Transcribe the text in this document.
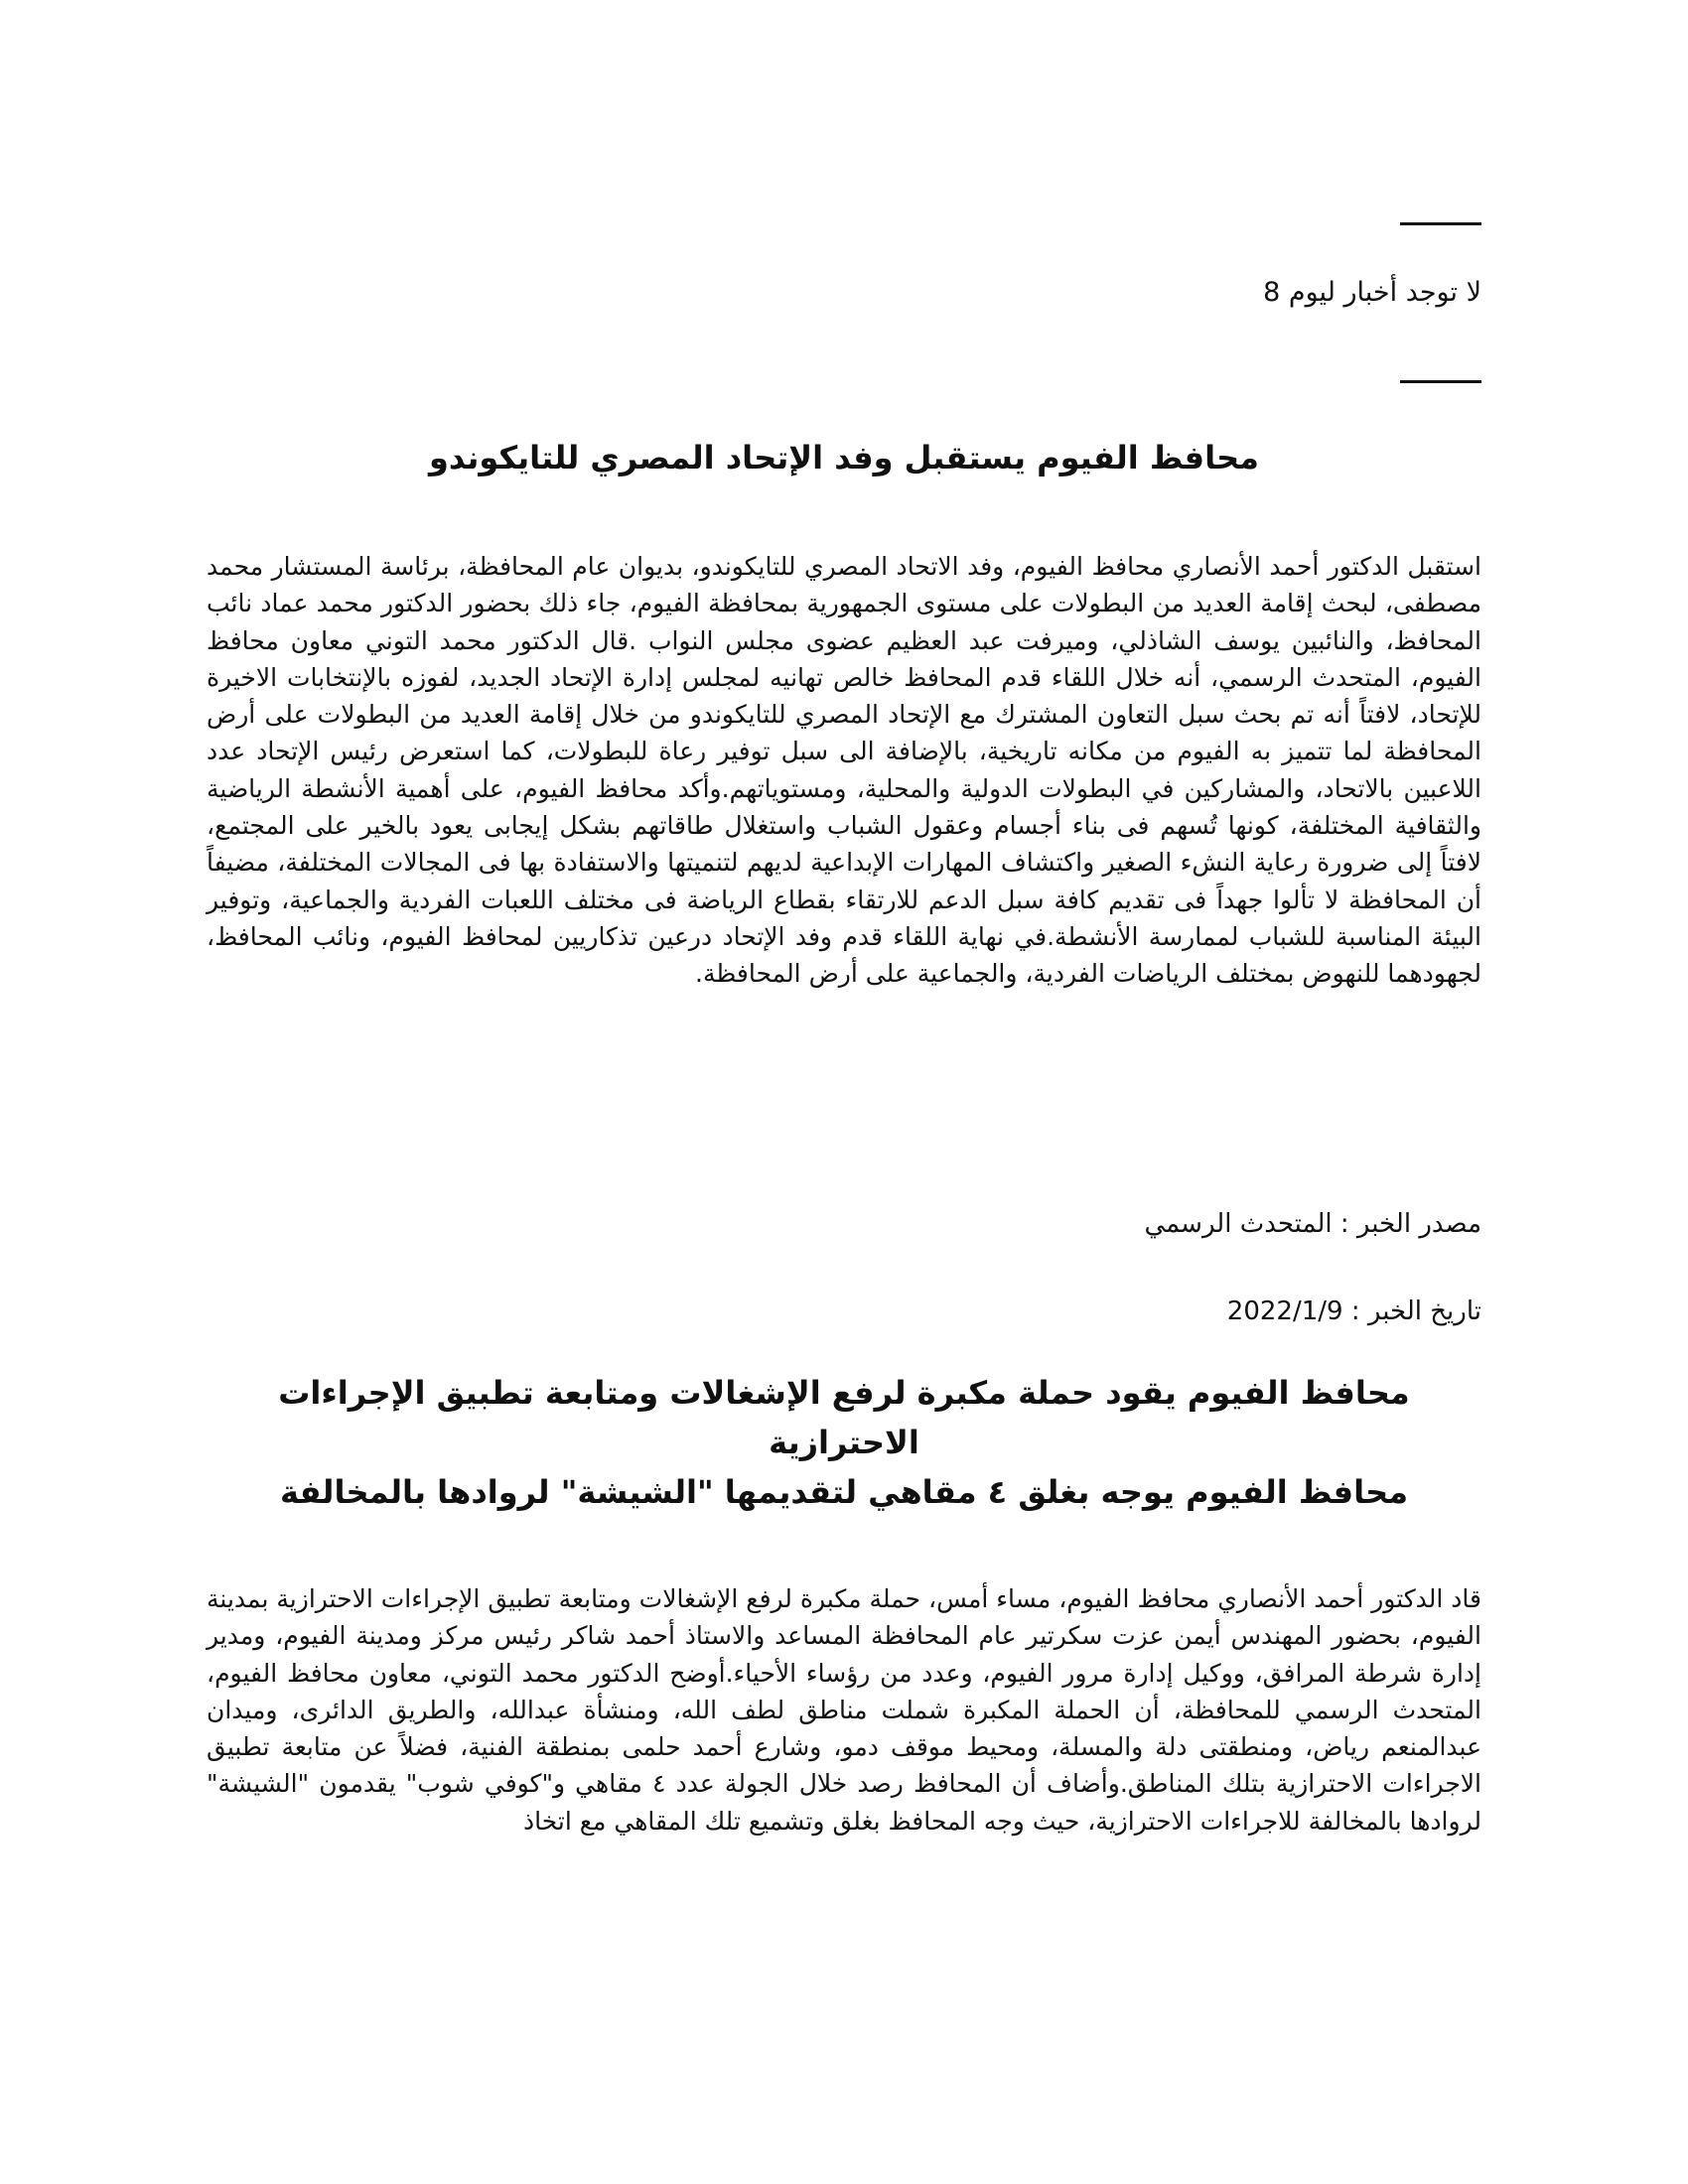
لا توجد أخبار ليوم 8
محافظ الفيوم يستقبل وفد الإتحاد المصري للتايكوندو
استقبل الدكتور أحمد الأنصاري محافظ الفيوم، وفد الاتحاد المصري للتايكوندو، بديوان عام المحافظة، برئاسة المستشار محمد مصطفى، لبحث إقامة العديد من البطولات على مستوى الجمهورية بمحافظة الفيوم، جاء ذلك بحضور الدكتور محمد عماد نائب المحافظ، والنائبين يوسف الشاذلي، وميرفت عبد العظيم عضوى مجلس النواب .قال الدكتور محمد التوني معاون محافظ الفيوم، المتحدث الرسمي، أنه خلال اللقاء قدم المحافظ خالص تهانيه لمجلس إدارة الإتحاد الجديد، لفوزه بالإنتخابات الاخيرة للإتحاد، لافتاً أنه تم بحث سبل التعاون المشترك مع الإتحاد المصري للتايكوندو من خلال إقامة العديد من البطولات على أرض المحافظة لما تتميز به الفيوم من مكانه تاريخية، بالإضافة الى سبل توفير رعاة للبطولات، كما استعرض رئيس الإتحاد عدد اللاعبين بالاتحاد، والمشاركين في البطولات الدولية والمحلية، ومستوياتهم.وأكد محافظ الفيوم، على أهمية الأنشطة الرياضية والثقافية المختلفة، كونها تُسهم فى بناء أجسام وعقول الشباب واستغلال طاقاتهم بشكل إيجابى يعود بالخير على المجتمع، لافتاً إلى ضرورة رعاية النشء الصغير واكتشاف المهارات الإبداعية لديهم لتنميتها والاستفادة بها فى المجالات المختلفة، مضيفاً أن المحافظة لا تألوا جهداً فى تقديم كافة سبل الدعم للارتقاء بقطاع الرياضة فى مختلف اللعبات الفردية والجماعية، وتوفير البيئة المناسبة للشباب لممارسة الأنشطة.في نهاية اللقاء قدم وفد الإتحاد درعين تذكاريين لمحافظ الفيوم، ونائب المحافظ، لجهودهما للنهوض بمختلف الرياضات الفردية، والجماعية على أرض المحافظة.
مصدر الخبر : المتحدث الرسمي
تاريخ الخبر : 2022/1/9
محافظ الفيوم يقود حملة مكبرة لرفع الإشغالات ومتابعة تطبيق الإجراءات
الاحترازية
محافظ الفيوم يوجه بغلق ٤ مقاهي لتقديمها "الشيشة" لروادها بالمخالفة
قاد الدكتور أحمد الأنصاري محافظ الفيوم، مساء أمس، حملة مكبرة لرفع الإشغالات ومتابعة تطبيق الإجراءات الاحترازية بمدينة الفيوم، بحضور المهندس أيمن عزت سكرتير عام المحافظة المساعد والاستاذ أحمد شاكر رئيس مركز ومدينة الفيوم، ومدير إدارة شرطة المرافق، ووكيل إدارة مرور الفيوم، وعدد من رؤساء الأحياء.أوضح الدكتور محمد التوني، معاون محافظ الفيوم، المتحدث الرسمي للمحافظة، أن الحملة المكبرة شملت مناطق لطف الله، ومنشأة عبدالله، والطريق الدائرى، وميدان عبدالمنعم رياض، ومنطقتى دلة والمسلة، ومحيط موقف دمو، وشارع أحمد حلمى بمنطقة الفنية، فضلاً عن متابعة تطبيق الاجراءات الاحترازية بتلك المناطق.وأضاف أن المحافظ رصد خلال الجولة عدد ٤ مقاهي و"كوفي شوب" يقدمون "الشيشة" لروادها بالمخالفة للاجراءات الاحترازية، حيث وجه المحافظ بغلق وتشميع تلك المقاهي مع اتخاذ
